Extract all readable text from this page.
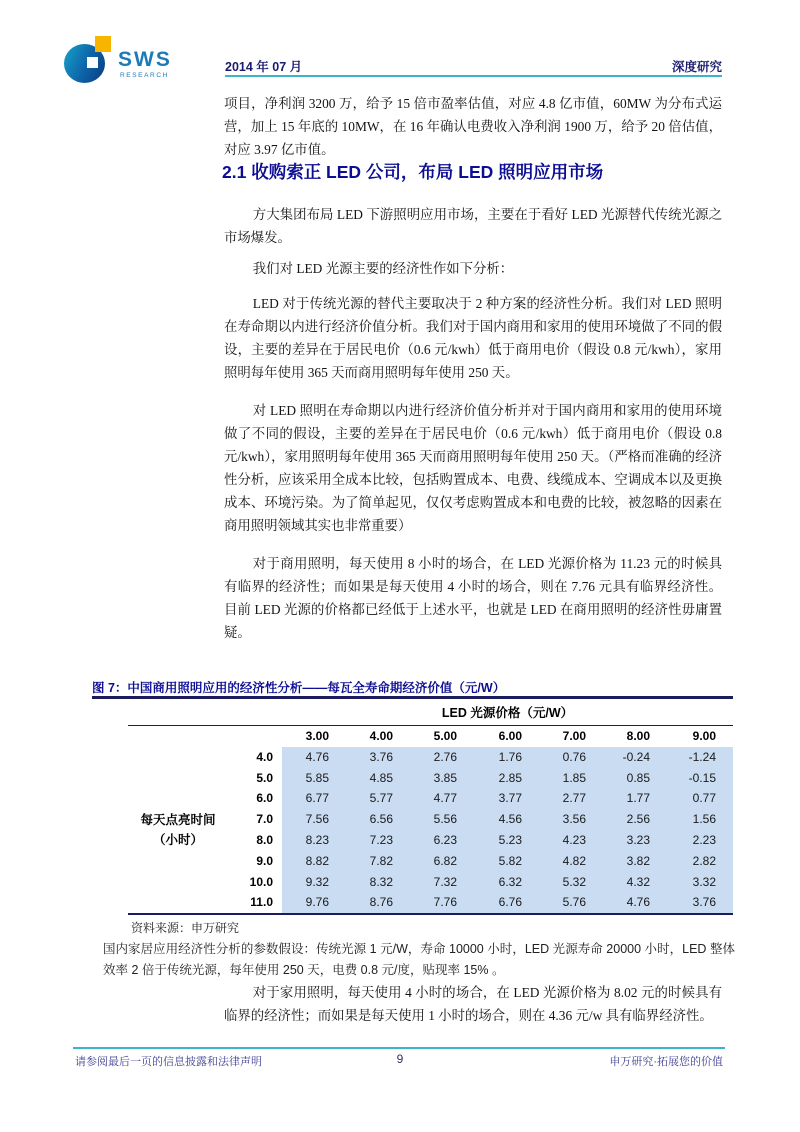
SWS
RESEARCH
2014 年 07 月	深度研究
项目，净利润 3200 万，给予 15 倍市盈率估值，对应 4.8 亿市值，60MW 为分布式运营，加上 15 年底的 10MW，在 16 年确认电费收入净利润 1900 万，给予 20 倍估值，对应 3.97 亿市值。
2.1 收购索正 LED 公司，布局 LED 照明应用市场
方大集团布局 LED 下游照明应用市场，主要在于看好 LED 光源替代传统光源之市场爆发。
我们对 LED 光源主要的经济性作如下分析：
LED 对于传统光源的替代主要取决于 2 种方案的经济性分析。我们对 LED 照明在寿命期以内进行经济价值分析。我们对于国内商用和家用的使用环境做了不同的假设，主要的差异在于居民电价（0.6 元/kwh）低于商用电价（假设 0.8 元/kwh），家用照明每年使用 365 天而商用照明每年使用 250 天。
对 LED 照明在寿命期以内进行经济价值分析并对于国内商用和家用的使用环境做了不同的假设，主要的差异在于居民电价（0.6 元/kwh）低于商用电价（假设 0.8 元/kwh），家用照明每年使用 365 天而商用照明每年使用 250 天。（严格而准确的经济性分析，应该采用全成本比较，包括购置成本、电费、线缆成本、空调成本以及更换成本、环境污染。为了简单起见，仅仅考虑购置成本和电费的比较，被忽略的因素在商用照明领域其实也非常重要）
对于商用照明，每天使用 8 小时的场合，在 LED 光源价格为 11.23 元的时候具有临界的经济性；而如果是每天使用 4 小时的场合，则在 7.76 元具有临界经济性。目前 LED 光源的价格都已经低于上述水平，也就是 LED 在商用照明的经济性毋庸置疑。
对于家用照明，每天使用 4 小时的场合，在 LED 光源价格为 8.02 元的时候具有临界的经济性；而如果是每天使用 1 小时的场合，则在 4.36 元/w 具有临界经济性。
图 7：中国商用照明应用的经济性分析——每瓦全寿命期经济价值（元/W）
		LED 光源价格（元/W）						
		3.00	4.00	5.00	6.00	7.00	8.00	9.00

每天点亮时间
（小时）	4.0	4.76	3.76	2.76	1.76	0.76	-0.24	-1.24
	5.0	5.85	4.85	3.85	2.85	1.85	0.85	-0.15
	6.0	6.77	5.77	4.77	3.77	2.77	1.77	0.77
	7.0	7.56	6.56	5.56	4.56	3.56	2.56	1.56
	8.0	8.23	7.23	6.23	5.23	4.23	3.23	2.23
	9.0	8.82	7.82	6.82	5.82	4.82	3.82	2.82
	10.0	9.32	8.32	7.32	6.32	5.32	4.32	3.32
	11.0	9.76	8.76	7.76	6.76	5.76	4.76	3.76
资料来源：申万研究
国内家居应用经济性分析的参数假设：传统光源 1 元/W，寿命 10000 小时，LED 光源寿命 20000 小时，LED 整体效率 2 倍于传统光源，每年使用 250 天，电费 0.8 元/度，贴现率 15% 。
请参阅最后一页的信息披露和法律声明	9	申万研究·拓展您的价值
